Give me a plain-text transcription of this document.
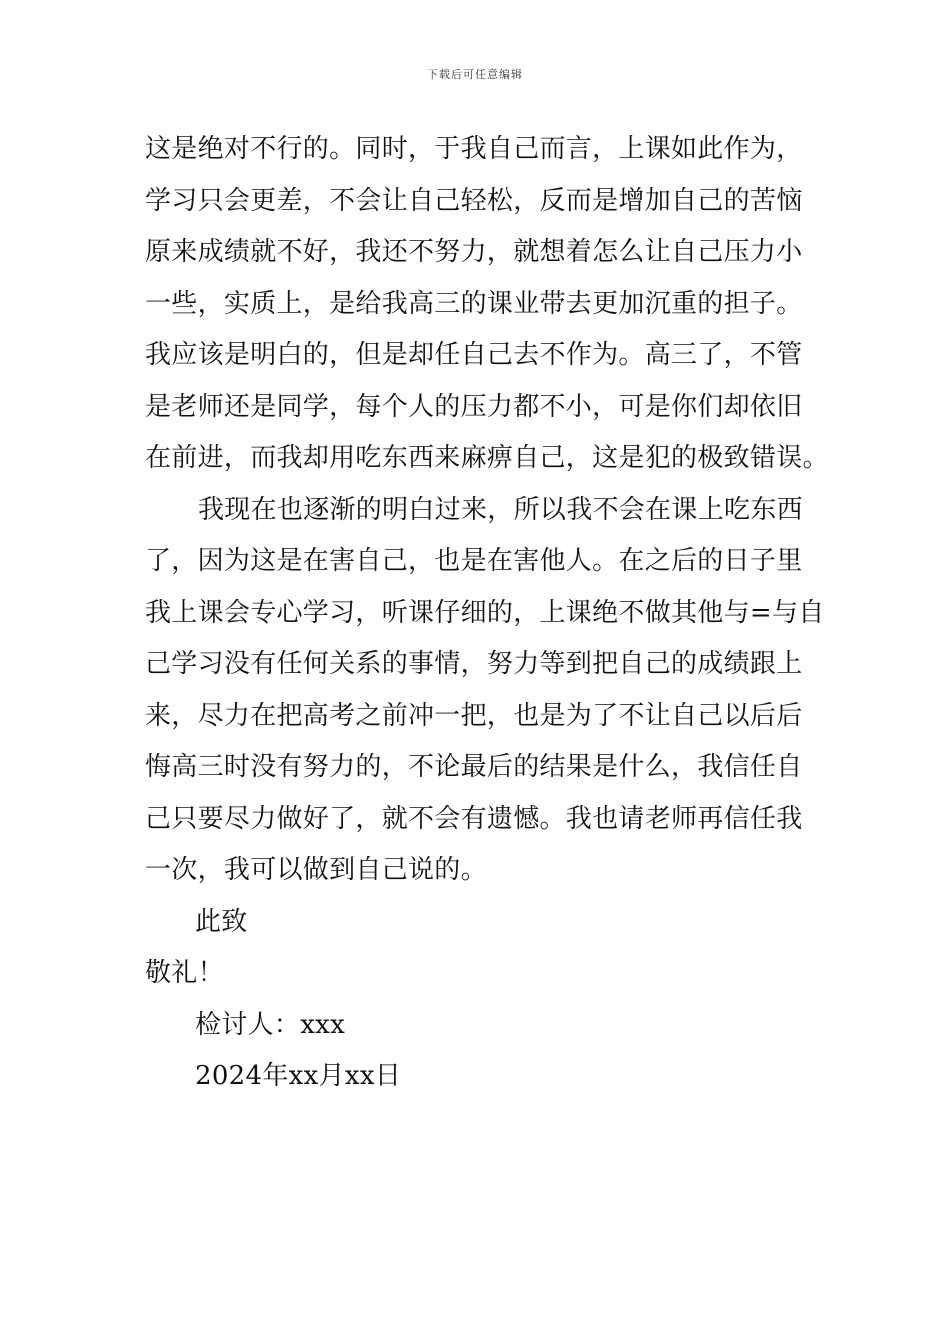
下载后可任意编辑
这是绝对不行的。同时，于我自己而言，上课如此作为，
学习只会更差，不会让自己轻松，反而是增加自己的苦恼
原来成绩就不好，我还不努力，就想着怎么让自己压力小
一些，实质上，是给我高三的课业带去更加沉重的担子。
我应该是明白的，但是却任自己去不作为。高三了，不管
是老师还是同学，每个人的压力都不小，可是你们却依旧
在前进，而我却用吃东西来麻痹自己，这是犯的极致错误。
我现在也逐渐的明白过来，所以我不会在课上吃东西
了，因为这是在害自己，也是在害他人。在之后的日子里
我上课会专心学习，听课仔细的，上课绝不做其他与=与自
己学习没有任何关系的事情，努力等到把自己的成绩跟上
来，尽力在把高考之前冲一把，也是为了不让自己以后后
悔高三时没有努力的，不论最后的结果是什么，我信任自
己只要尽力做好了，就不会有遗憾。我也请老师再信任我
一次，我可以做到自己说的。
此致
敬礼！
检讨人：xxx
2024年xx月xx日
